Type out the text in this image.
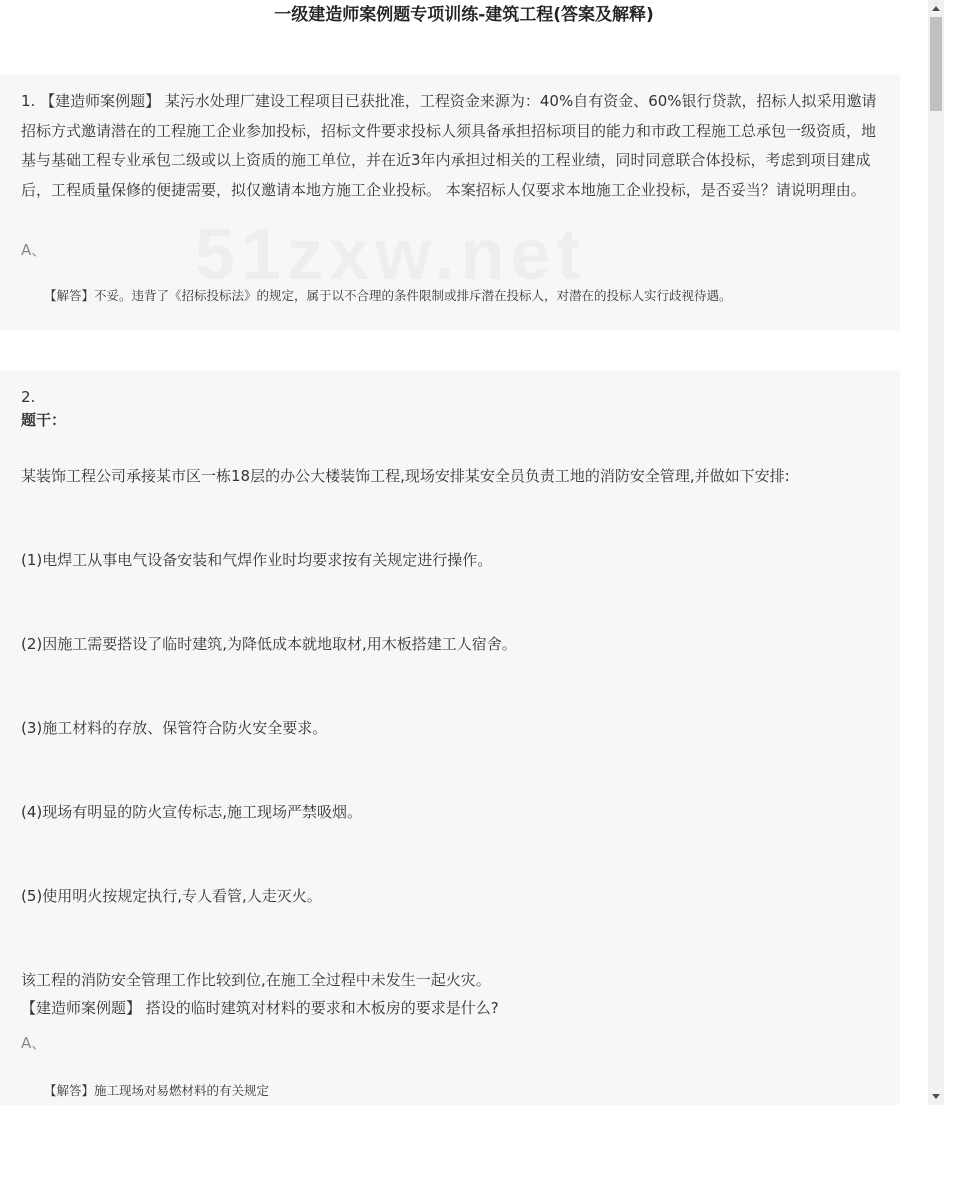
一级建造师案例题专项训练-建筑工程(答案及解释)

1. 【建造师案例题】 某污水处理厂建设工程项目已获批准，工程资金来源为：40%自有资金、60%银行贷款，招标人拟采用邀请招标方式邀请潜在的工程施工企业参加投标，招标文件要求投标人须具备承担招标项目的能力和市政工程施工总承包一级资质，地基与基础工程专业承包二级或以上资质的施工单位，并在近3年内承担过相关的工程业绩，同时同意联合体投标，考虑到项目建成后，工程质量保修的便捷需要，拟仅邀请本地方施工企业投标。 本案招标人仅要求本地施工企业投标，是否妥当？请说明理由。

A、
【解答】不妥。违背了《招标投标法》的规定，属于以不合理的条件限制或排斥潜在投标人，对潜在的投标人实行歧视待遇。
2.
题干：
某装饰工程公司承接某市区一栋18层的办公大楼装饰工程,现场安排某安全员负责工地的消防安全管理,并做如下安排:
(1)电焊工从事电气设备安装和气焊作业时均要求按有关规定进行操作。
(2)因施工需要搭设了临时建筑,为降低成本就地取材,用木板搭建工人宿舍。
(3)施工材料的存放、保管符合防火安全要求。
(4)现场有明显的防火宣传标志,施工现场严禁吸烟。
(5)使用明火按规定执行,专人看管,人走灭火。
该工程的消防安全管理工作比较到位,在施工全过程中未发生一起火灾。
【建造师案例题】 搭设的临时建筑对材料的要求和木板房的要求是什么?
A、
【解答】施工现场对易燃材料的有关规定
